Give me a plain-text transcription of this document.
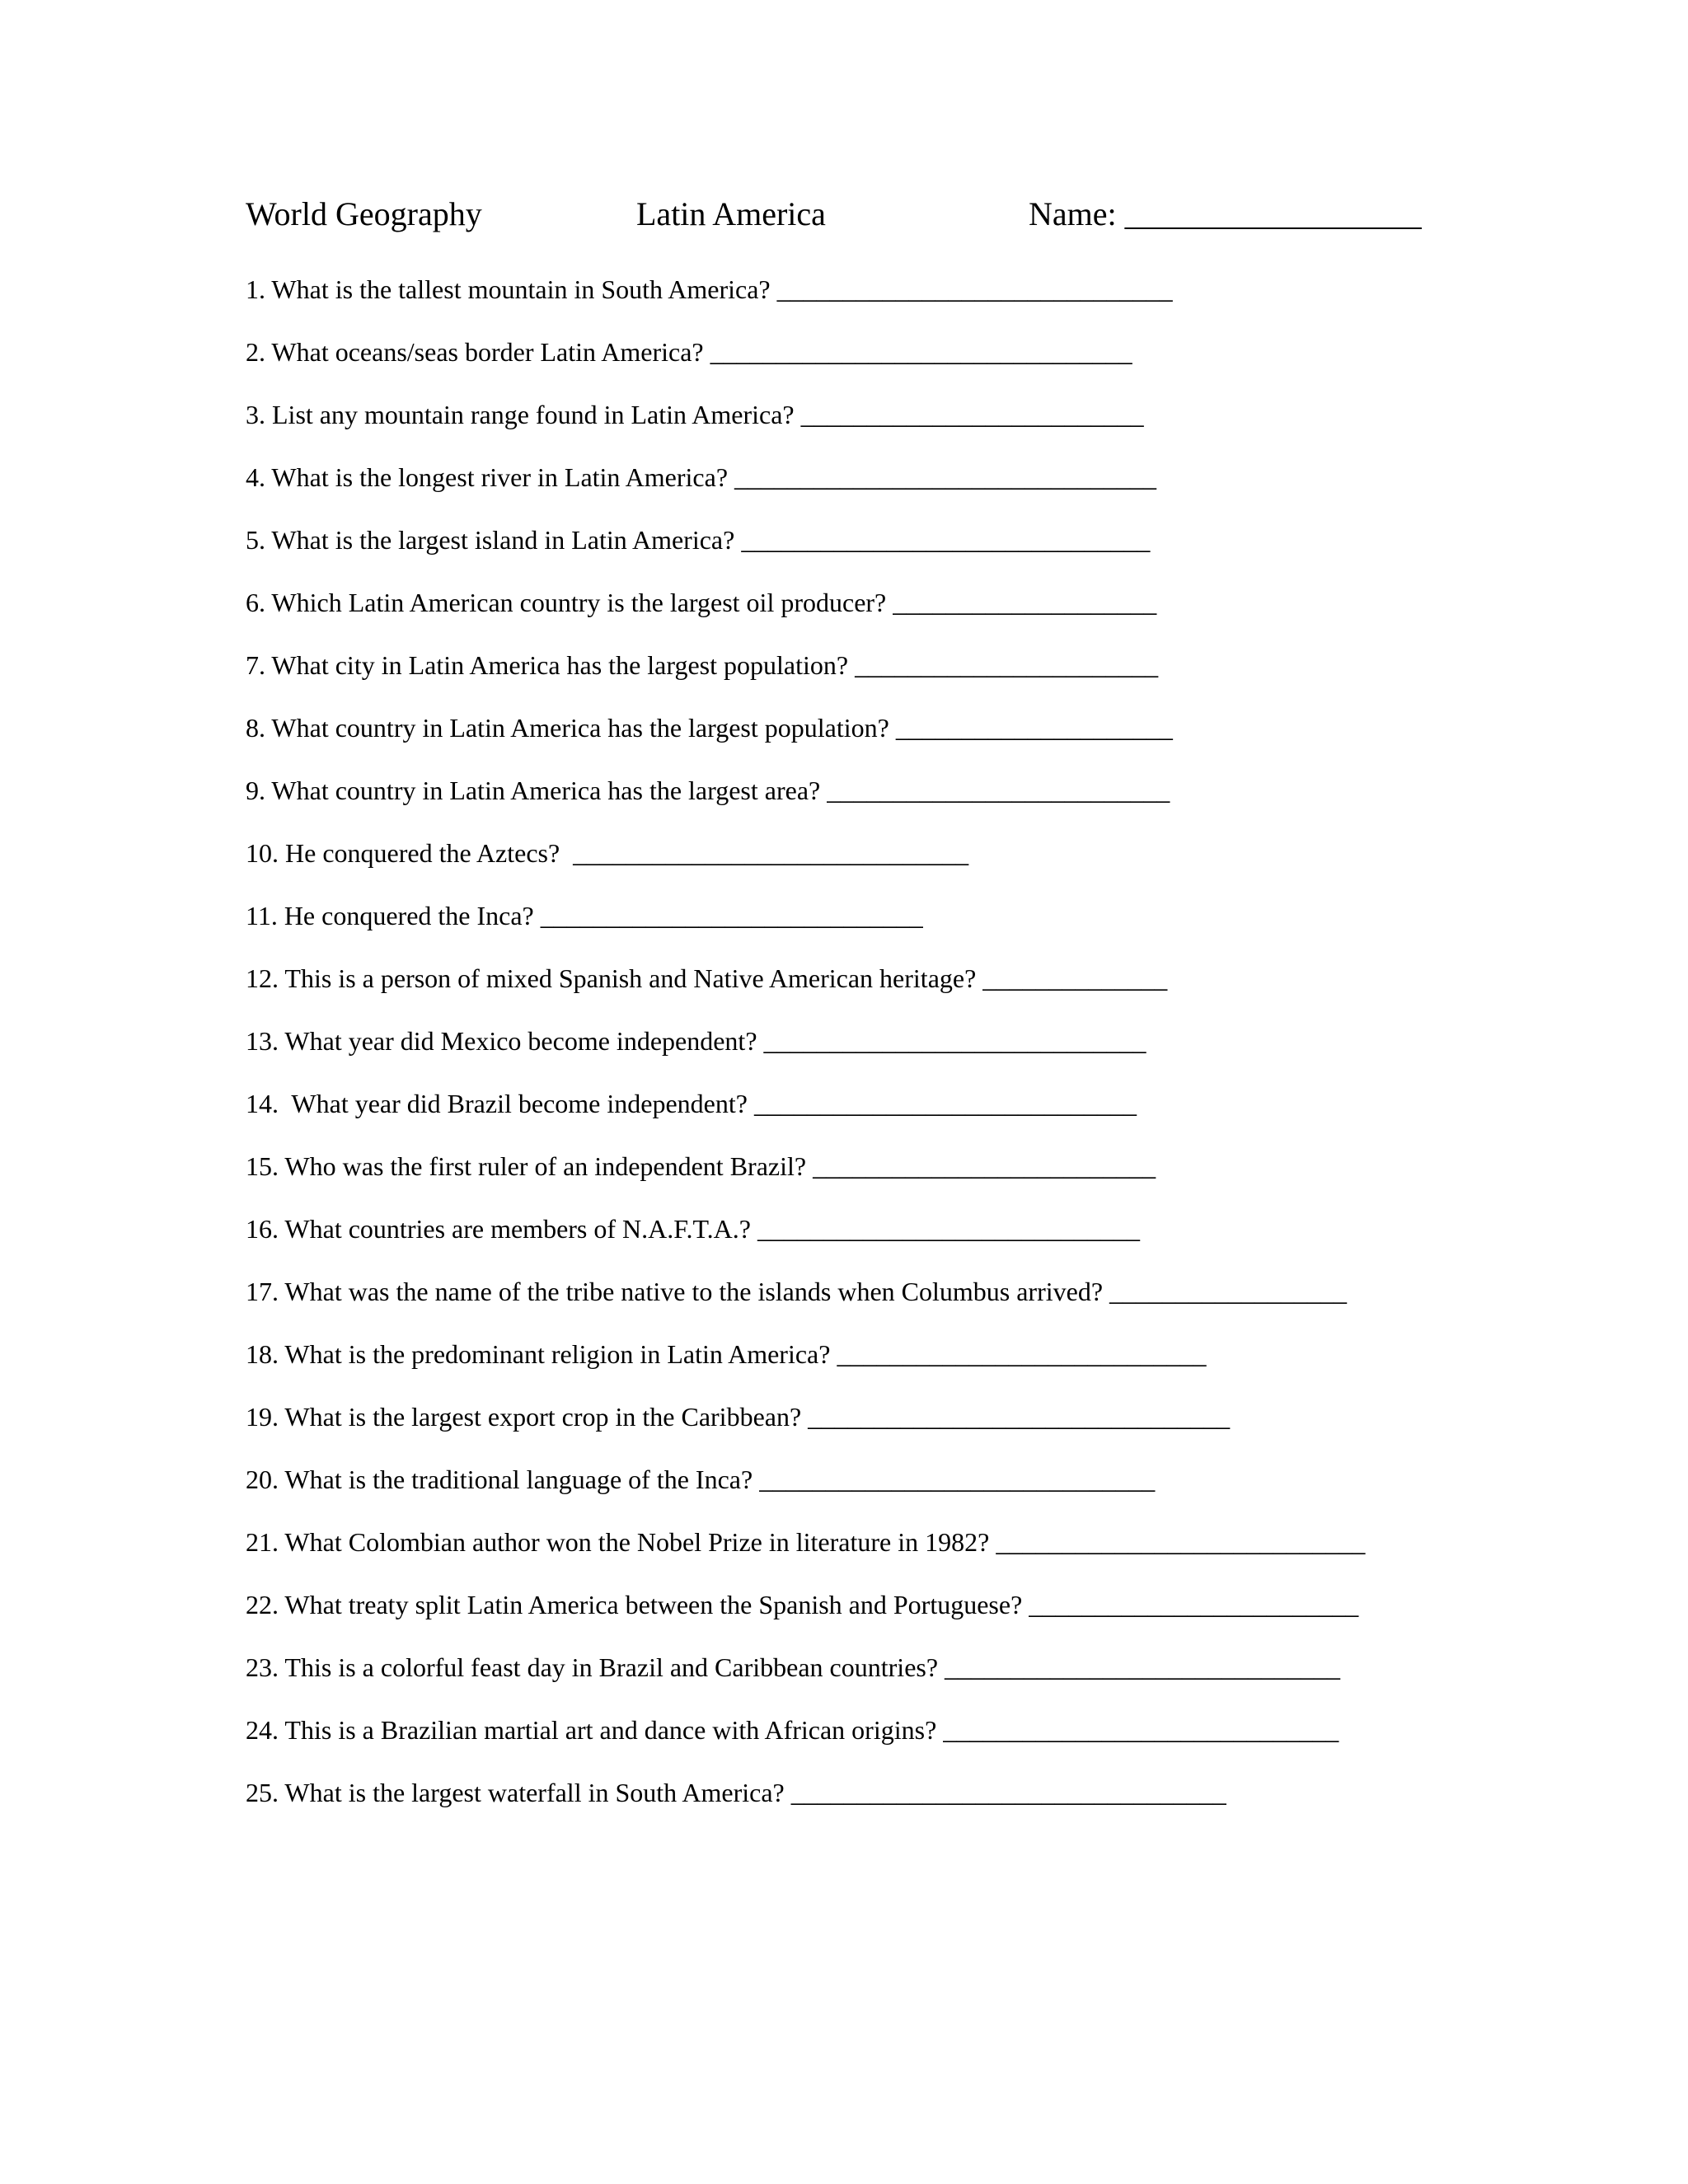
World Geography	Latin America	Name: __________________
1. What is the tallest mountain in South America? ______________________________
2. What oceans/seas border Latin America? ________________________________
3. List any mountain range found in Latin America? __________________________
4. What is the longest river in Latin America? ________________________________
5. What is the largest island in Latin America? _______________________________
6. Which Latin American country is the largest oil producer? ____________________
7. What city in Latin America has the largest population? _______________________
8. What country in Latin America has the largest population? _____________________
9. What country in Latin America has the largest area? __________________________
10. He conquered the Aztecs?  ______________________________
11. He conquered the Inca? _____________________________
12. This is a person of mixed Spanish and Native American heritage? ______________
13. What year did Mexico become independent? _____________________________
14.  What year did Brazil become independent? _____________________________
15. Who was the first ruler of an independent Brazil? __________________________
16. What countries are members of N.A.F.T.A.? _____________________________
17. What was the name of the tribe native to the islands when Columbus arrived? __________________
18. What is the predominant religion in Latin America? ____________________________
19. What is the largest export crop in the Caribbean? ________________________________
20. What is the traditional language of the Inca? ______________________________
21. What Colombian author won the Nobel Prize in literature in 1982? ____________________________
22. What treaty split Latin America between the Spanish and Portuguese? _________________________
23. This is a colorful feast day in Brazil and Caribbean countries? ______________________________
24. This is a Brazilian martial art and dance with African origins? ______________________________
25. What is the largest waterfall in South America? _________________________________
